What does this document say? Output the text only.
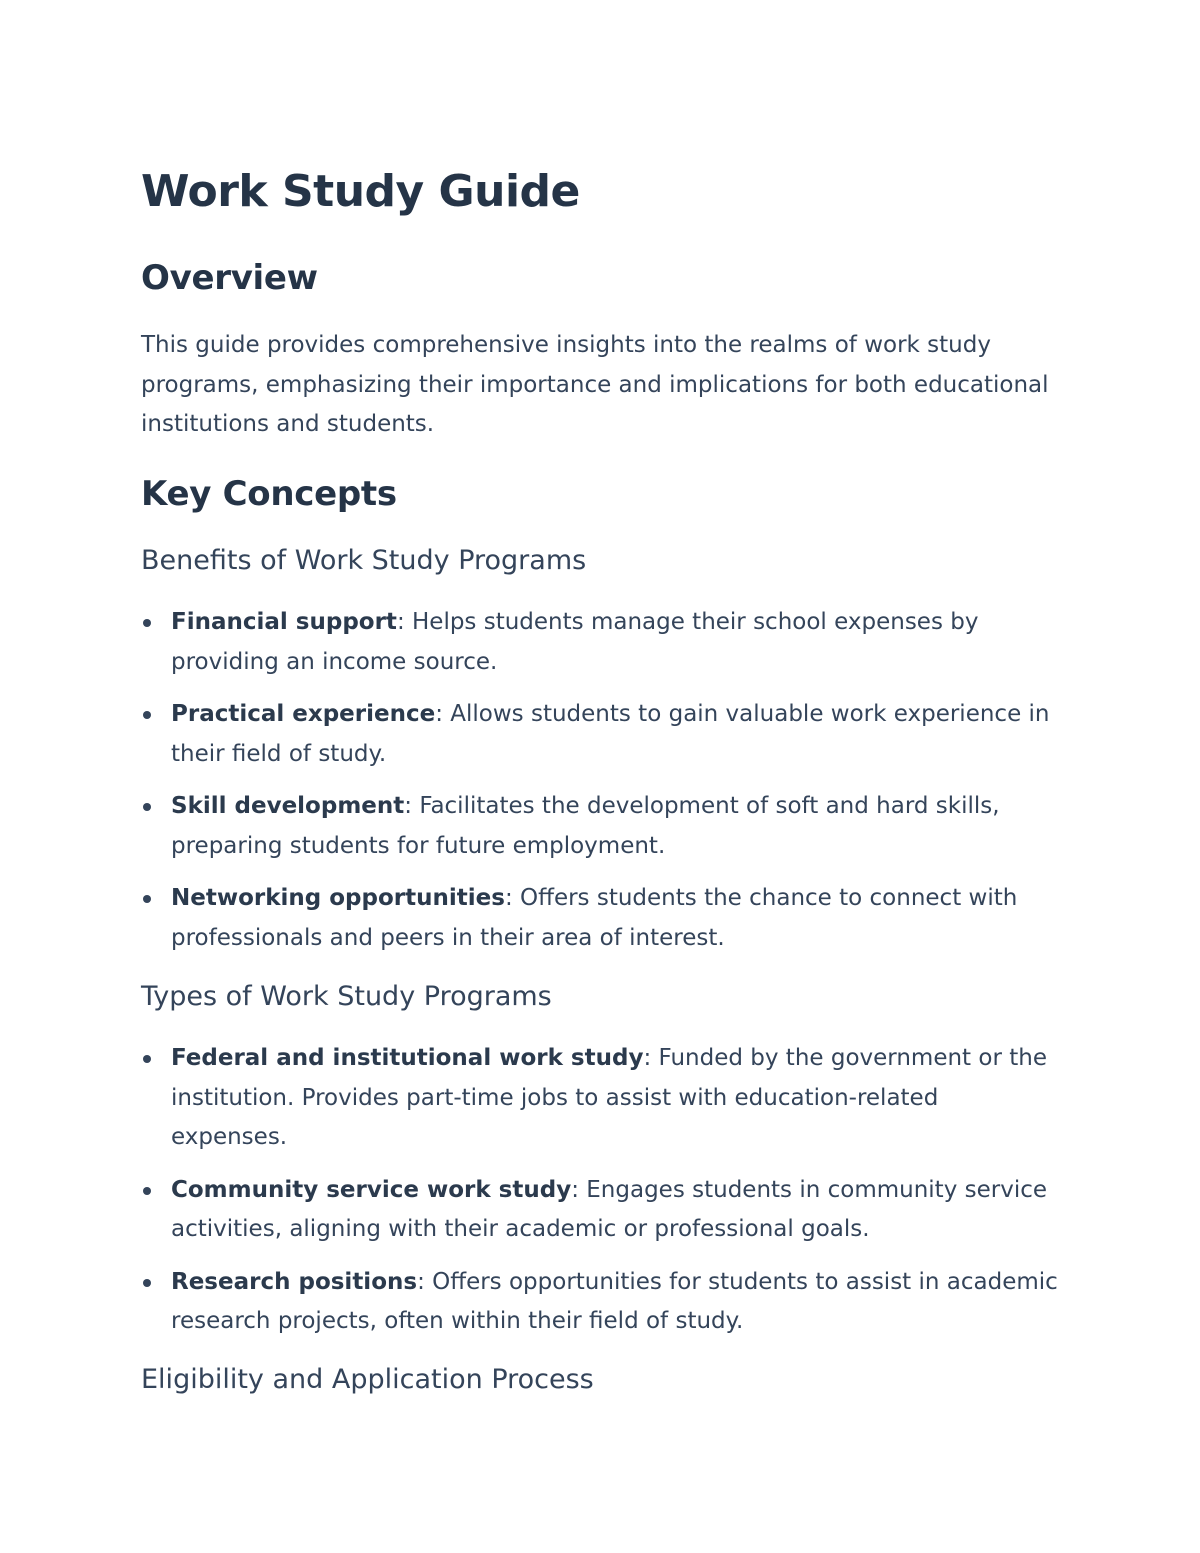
Work Study Guide
Overview

This guide provides comprehensive insights into the realms of work study programs, emphasizing their importance and implications for both educational institutions and students.

Key Concepts
Benefits of Work Study Programs
Financial support: Helps students manage their school expenses by providing an income source.
Practical experience: Allows students to gain valuable work experience in their field of study.
Skill development: Facilitates the development of soft and hard skills, preparing students for future employment.
Networking opportunities: Offers students the chance to connect with professionals and peers in their area of interest.
Types of Work Study Programs
Federal and institutional work study: Funded by the government or the institution. Provides part-time jobs to assist with education-related expenses.
Community service work study: Engages students in community service activities, aligning with their academic or professional goals.
Research positions: Offers opportunities for students to assist in academic research projects, often within their field of study.
Eligibility and Application Process
